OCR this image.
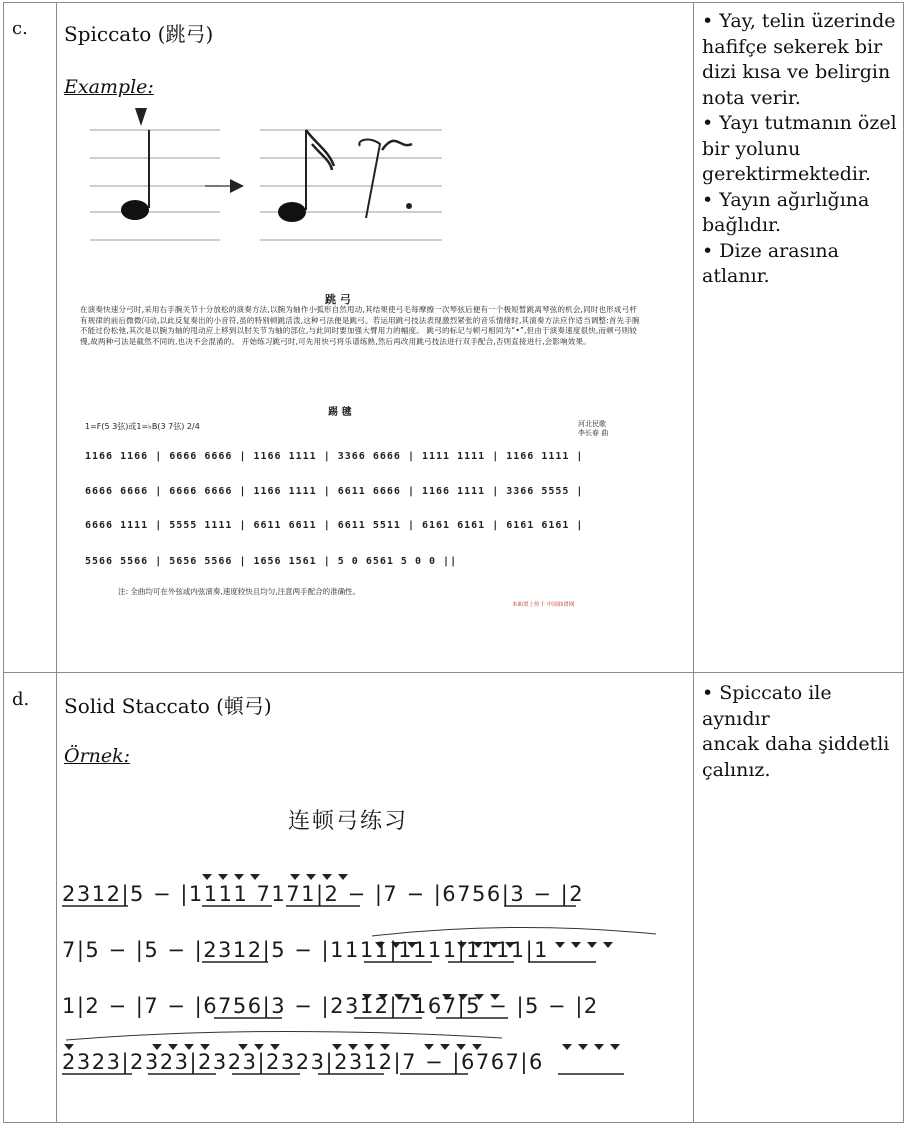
c. Spiccato (跳弓)
Example:
跳 弓
在演奏快速分弓时,采用右手腕关节十分放松的演奏方法,以腕为轴作小弧形自然甩动,其结果使弓毛每摩擦一次琴弦后便有一个极短暂跳离琴弦的机会,同时也形成弓杆有规律的前后微微闪动,以此反复奏出的小音符,虽的特别顿跳活泼,这种弓法便是跳弓。若运用跳弓技法表现激烈紧张的音乐情绪时,其演奏方法应作适当调整:首先手腕不能过份松弛,其次是以腕为轴的甩动应上移到以肘关节为轴的部位,与此同时要加强大臂用力的幅度。 跳弓的标记与顿弓相同为“•”,但由于演奏速度很快,而顿弓则较慢,故两种弓法是截然不同的,也决不会混淆的。 开始练习跳弓时,可先用快弓将乐谱练熟,然后再改用跳弓技法进行双手配合,否则直接进行,会影响效果。
踢 毽
1=F(5 3弦)或1=♭B(3 7弦) 2/4	河北民歌
李长春 曲
1166 1166 | 6666 6666 | 1166 1111 | 3366 6666 | 1111 1111 | 1166 1111 |
6666 6666 | 6666 6666 | 1166 1111 | 6611 6666 | 1166 1111 | 3366 5555 |
6666 1111 | 5555 1111 | 6611 6611 | 6611 5511 | 6161 6161 | 6161 6161 |
5566 5566 | 5656 5566 | 1656 1561 | 5 0 6561 5 0 0 ||
注: 全曲均可在外弦或内弦演奏,速度较快且均匀,注意两手配合的准确性。
本曲谱上传于 中国曲谱网
• Yay, telin üzerinde
hafifçe sekerek bir
dizi kısa ve belirgin
nota verir.
• Yayı tutmanın özel
bir yolunu
gerektirmektedir.
• Yayın ağırlığına
bağlıdır.
• Dize arasına
atlanır.
d. Solid Staccato (頓弓)
Örnek:
连顿弓练习
2312|5 − |1111 7171|2 − |7 − |6756|3 − |2
7|5 − |5 − |2312|5 − |1111|1111|1111|1
1|2 − |7 − |6756|3 − |2312|7167|5 − |5 − |2
2323|2323|2323|2323|2312|7 − |6767|6
• Spiccato ile aynıdır
ancak daha şiddetli
çalınız.
